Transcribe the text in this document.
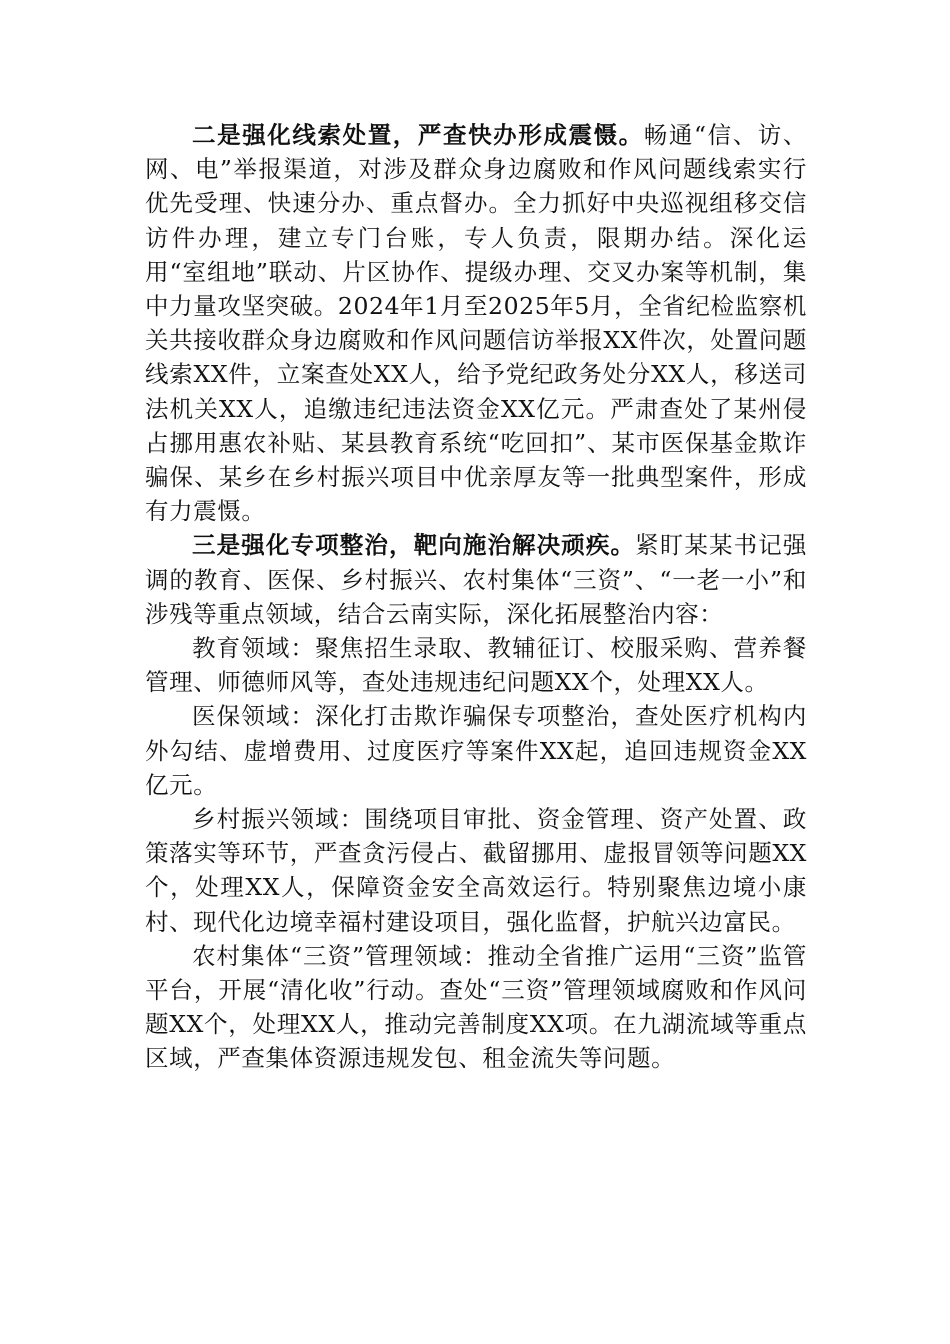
二是强化线索处置，严查快办形成震慑。畅通“信、访、网、电”举报渠道，对涉及群众身边腐败和作风问题线索实行优先受理、快速分办、重点督办。全力抓好中央巡视组移交信访件办理，建立专门台账，专人负责，限期办结。深化运用“室组地”联动、片区协作、提级办理、交叉办案等机制，集中力量攻坚突破。2024年1月至2025年5月，全省纪检监察机关共接收群众身边腐败和作风问题信访举报XX件次，处置问题线索XX件，立案查处XX人，给予党纪政务处分XX人，移送司法机关XX人，追缴违纪违法资金XX亿元。严肃查处了某州侵占挪用惠农补贴、某县教育系统“吃回扣”、某市医保基金欺诈骗保、某乡在乡村振兴项目中优亲厚友等一批典型案件，形成有力震慑。

三是强化专项整治，靶向施治解决顽疾。紧盯某某书记强调的教育、医保、乡村振兴、农村集体“三资”、“一老一小”和涉残等重点领域，结合云南实际，深化拓展整治内容：

教育领域：聚焦招生录取、教辅征订、校服采购、营养餐管理、师德师风等，查处违规违纪问题XX个，处理XX人。

医保领域：深化打击欺诈骗保专项整治，查处医疗机构内外勾结、虚增费用、过度医疗等案件XX起，追回违规资金XX亿元。

乡村振兴领域：围绕项目审批、资金管理、资产处置、政策落实等环节，严查贪污侵占、截留挪用、虚报冒领等问题XX个，处理XX人，保障资金安全高效运行。特别聚焦边境小康村、现代化边境幸福村建设项目，强化监督，护航兴边富民。

农村集体“三资”管理领域：推动全省推广运用“三资”监管平台，开展“清化收”行动。查处“三资”管理领域腐败和作风问题XX个，处理XX人，推动完善制度XX项。在九湖流域等重点区域，严查集体资源违规发包、租金流失等问题。
